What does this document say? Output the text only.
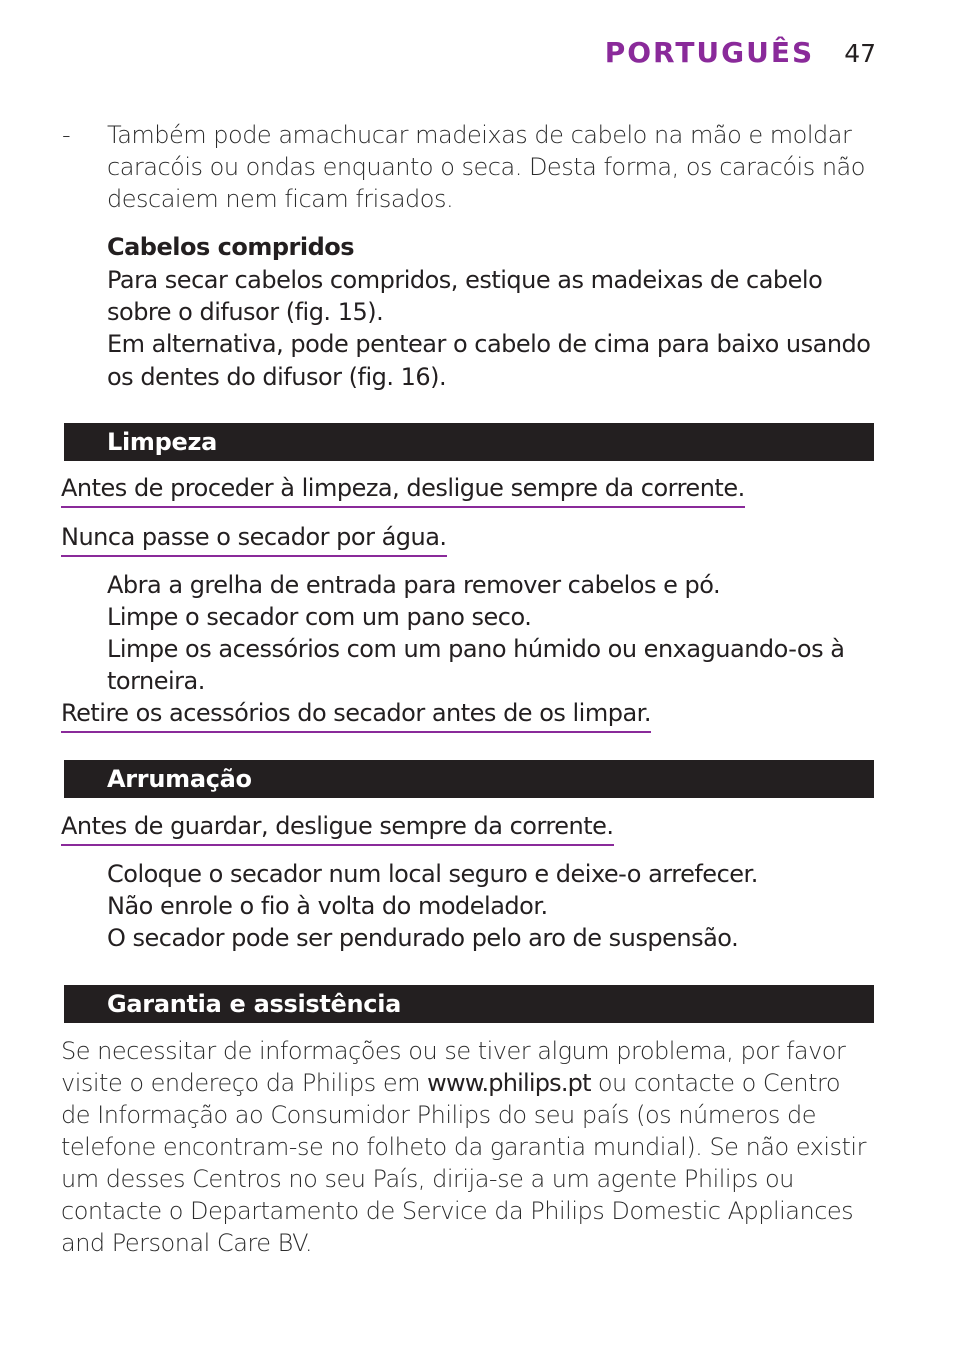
PORTUGUÊS 47
- Também pode amachucar madeixas de cabelo na mão e moldar
caracóis ou ondas enquanto o seca. Desta forma, os caracóis não
descaiem nem ficam frisados.
Cabelos compridos
Para secar cabelos compridos, estique as madeixas de cabelo
sobre o difusor (fig. 15).
Em alternativa, pode pentear o cabelo de cima para baixo usando
os dentes do difusor (fig. 16).
Limpeza
Antes de proceder à limpeza, desligue sempre da corrente.
Nunca passe o secador por água.
Abra a grelha de entrada para remover cabelos e pó.
Limpe o secador com um pano seco.
Limpe os acessórios com um pano húmido ou enxaguando-os à
torneira.
Retire os acessórios do secador antes de os limpar.
Arrumação
Antes de guardar, desligue sempre da corrente.
Coloque o secador num local seguro e deixe-o arrefecer.
Não enrole o fio à volta do modelador.
O secador pode ser pendurado pelo aro de suspensão.
Garantia e assistência
Se necessitar de informações ou se tiver algum problema, por favor
visite o endereço da Philips em www.philips.pt ou contacte o Centro
de Informação ao Consumidor Philips do seu país (os números de
telefone encontram-se no folheto da garantia mundial). Se não existir
um desses Centros no seu País, dirija-se a um agente Philips ou
contacte o Departamento de Service da Philips Domestic Appliances
and Personal Care BV.
